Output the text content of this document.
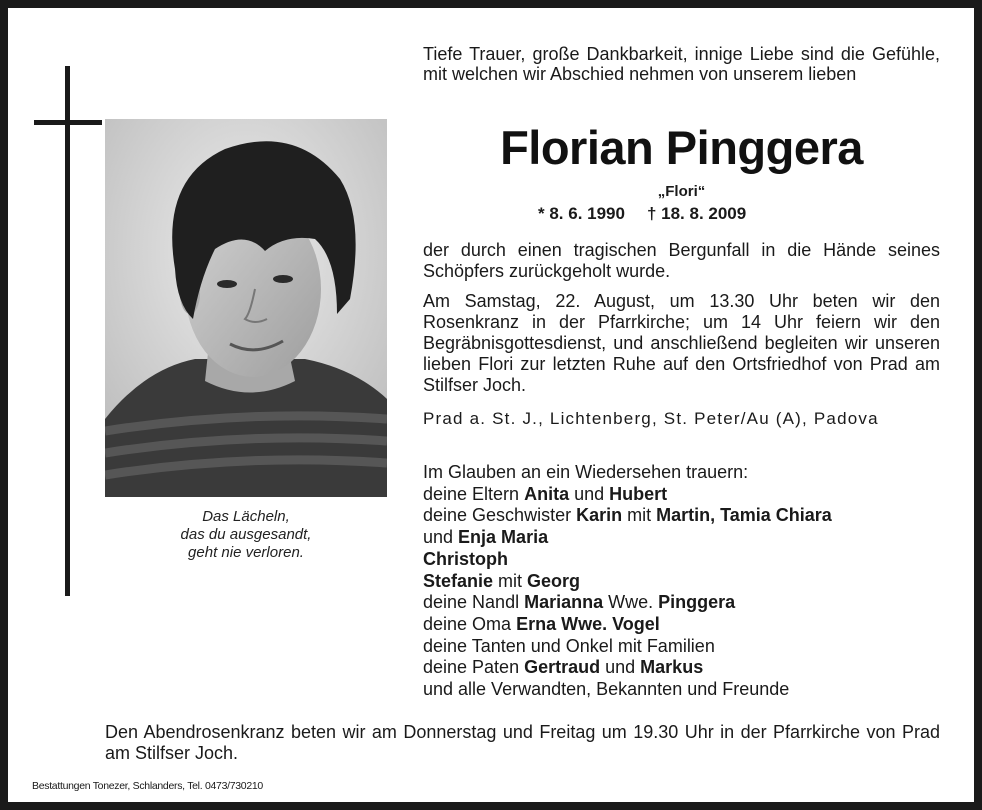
Das Lächeln,
das du ausgesandt,
geht nie verloren.
Tiefe Trauer, große Dankbarkeit, innige Liebe sind die Gefühle, mit welchen wir Abschied nehmen von unserem lieben
Florian Pinggera
„Flori“
* 8. 6. 1990 † 18. 8. 2009
der durch einen tragischen Bergunfall in die Hände seines Schöpfers zurückgeholt wurde.
Am Samstag, 22. August, um 13.30 Uhr beten wir den Rosenkranz in der Pfarrkirche; um 14 Uhr feiern wir den Begräbnisgottesdienst, und anschließend begleiten wir unseren lieben Flori zur letzten Ruhe auf den Ortsfriedhof von Prad am Stilfser Joch.
Prad a. St. J., Lichtenberg, St. Peter/Au (A), Padova
Im Glauben an ein Wiedersehen trauern:
deine Eltern Anita und Hubert
deine Geschwister Karin mit Martin, Tamia Chiara
und Enja Maria
Christoph
Stefanie mit Georg
deine Nandl Marianna Wwe. Pinggera
deine Oma Erna Wwe. Vogel
deine Tanten und Onkel mit Familien
deine Paten Gertraud und Markus
und alle Verwandten, Bekannten und Freunde
Den Abendrosenkranz beten wir am Donnerstag und Freitag um 19.30 Uhr in der Pfarrkirche von Prad am Stilfser Joch.
Bestattungen Tonezer, Schlanders, Tel. 0473/730210
